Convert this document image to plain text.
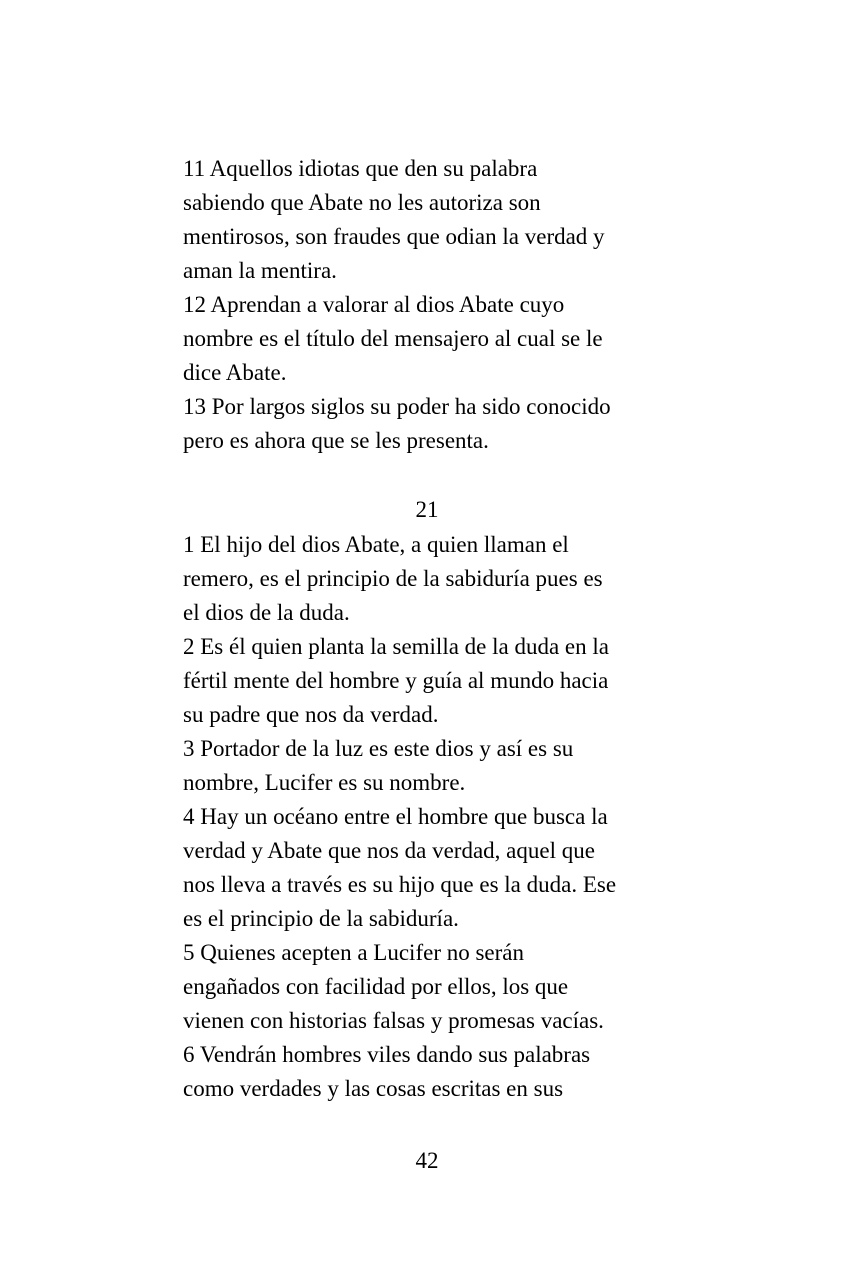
11 Aquellos idiotas que den su palabra
sabiendo que Abate no les autoriza son
mentirosos, son fraudes que odian la verdad y
aman la mentira.
12 Aprendan a valorar al dios Abate cuyo
nombre es el título del mensajero al cual se le
dice Abate.
13 Por largos siglos su poder ha sido conocido
pero es ahora que se les presenta.
21
1 El hijo del dios Abate, a quien llaman el
remero, es el principio de la sabiduría pues es
el dios de la duda.
2 Es él quien planta la semilla de la duda en la
fértil mente del hombre y guía al mundo hacia
su padre que nos da verdad.
3 Portador de la luz es este dios y así es su
nombre, Lucifer es su nombre.
4 Hay un océano entre el hombre que busca la
verdad y Abate que nos da verdad, aquel que
nos lleva a través es su hijo que es la duda. Ese
es el principio de la sabiduría.
5 Quienes acepten a Lucifer no serán
engañados con facilidad por ellos, los que
vienen con historias falsas y promesas vacías.
6 Vendrán hombres viles dando sus palabras
como verdades y las cosas escritas en sus
42
